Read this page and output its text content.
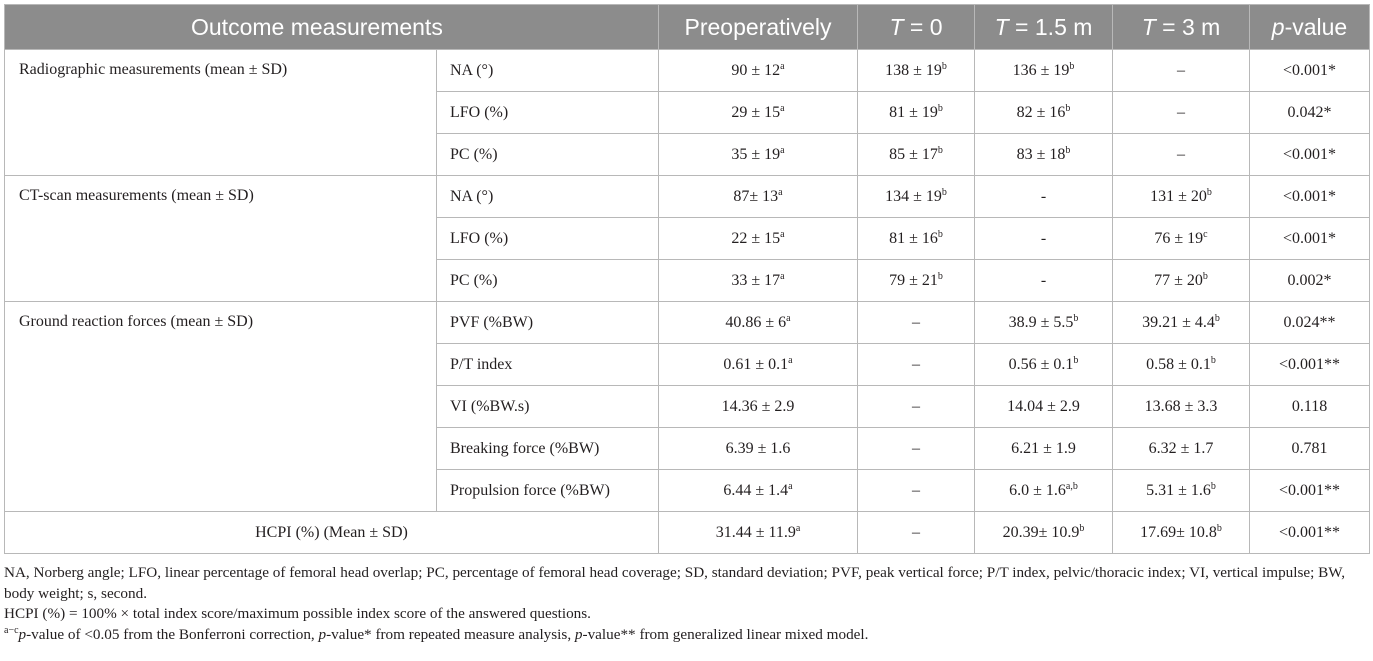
Outcome measurements		Preoperatively	T = 0	T = 1.5 m	T = 3 m	p-value
Radiographic measurements (mean ± SD)	NA (°)	$90 \pm 12^a$	$138 \pm 19^b$	$136 \pm 19^b$	–	<0.001*
	LFO (%)	$29 \pm 15^a$	$81 \pm 19^b$	$82 \pm 16^b$	–	0.042*
	PC (%)	$35 \pm 19^a$	$85 \pm 17^b$	$83 \pm 18^b$	–	<0.001*
CT-scan measurements (mean ± SD)	NA (°)	$87\pm 13^a$	$134 \pm 19^b$	-	$131 \pm 20^b$	<0.001*
	LFO (%)	$22 \pm 15^a$	$81 \pm 16^b$	-	$76 \pm 19^c$	<0.001*
	PC (%)	$33 \pm 17^a$	$79 \pm 21^b$	-	$77 \pm 20^b$	0.002*
Ground reaction forces (mean ± SD)	PVF (%BW)	$40.86 \pm 6^a$	–	38.9 ± 5.5$^b$	39.21 ± 4.4$^b$	0.024**
	P/T index	0.61 ± 0.1$^a$	–	0.56 ± 0.1$^b$	0.58 ± 0.1$^b$	<0.001**
	VI (%BW.s)	14.36 ± 2.9	–	14.04 ± 2.9	13.68 ± 3.3	0.118
	Breaking force (%BW)	6.39 ± 1.6	–	6.21 ± 1.9	6.32 ± 1.7	0.781
	Propulsion force (%BW)	6.44 ± 1.4$^a$	–	$6.0 \pm 1.6^{a,b}$	5.31 ± 1.6$^b$	<0.001**
HCPI (%) (Mean ± SD)		31.44 ± 11.9$^a$	–	20.39± 10.9$^b$	17.69± 10.8$^b$	<0.001**

NA, Norberg angle; LFO, linear percentage of femoral head overlap; PC, percentage of femoral head coverage; SD, standard deviation; PVF, peak vertical force; P/T index, pelvic/thoracic index; VI, vertical impulse; BW, body weight; s, second.

HCPI (%) = 100% × total index score/maximum possible index score of the answered questions.

$^{a-c}$p-value of <0.05 from the Bonferroni correction, p-value* from repeated measure analysis, p-value** from generalized linear mixed model.
